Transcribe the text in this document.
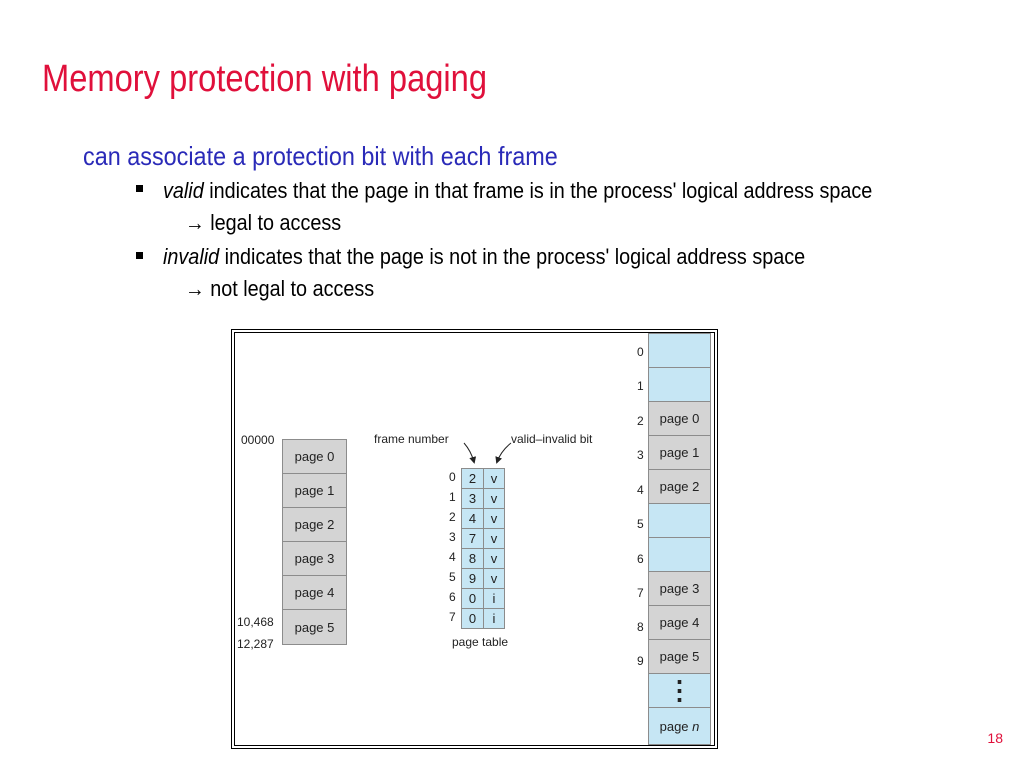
Memory protection with paging
can associate a protection bit with each frame
valid indicates that the page in that frame is in the process' logical address space
→ legal to access
invalid indicates that the page is not in the process' logical address space
→ not legal to access
00000
10,468
12,287
page 0
page 1
page 2
page 3
page 4
page 5
frame number	valid–invalid bit
0	2	v
1	3	v
2	4	v
3	7	v
4	8	v
5	9	v
6	0	i
7	0	i
page table
0
1
2	page 0
3	page 1
4	page 2
5
6
7	page 3
8	page 4
9	page 5
⋮
page n
18
